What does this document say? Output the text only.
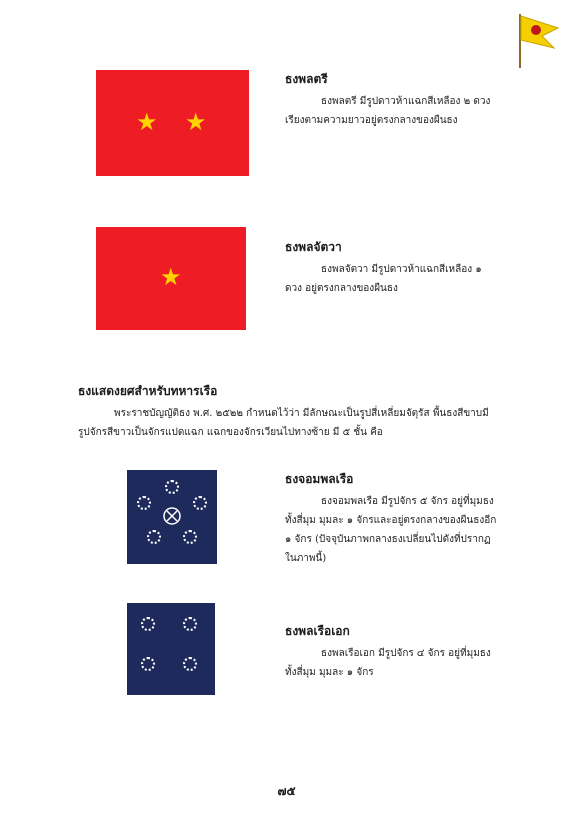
★ ★
ธงพลตรี
ธงพลตรี มีรูปดาวห้าแฉกสีเหลือง ๒ ดวง เรียงตามความยาวอยู่ตรงกลางของผืนธง
★
ธงพลจัตวา
ธงพลจัตวา มีรูปดาวห้าแฉกสีเหลือง ๑ ดวง อยู่ตรงกลางของผืนธง
ธงแสดงยศสำหรับทหารเรือ
พระราชบัญญัติธง พ.ศ. ๒๕๒๒ กำหนดไว้ว่า มีลักษณะเป็นรูปสี่เหลี่ยมจัตุรัส พื้นธงสีขาบมีรูปจักรสีขาวเป็นจักรแปดแฉก แฉกของจักรเวียนไปทางซ้าย มี ๕ ชั้น คือ
ธงจอมพลเรือ
ธงจอมพลเรือ มีรูปจักร ๕ จักร อยู่ที่มุมธงทั้งสี่มุม มุมละ ๑ จักรและอยู่ตรงกลางของผืนธงอีก ๑ จักร (ปัจจุบันภาพกลางธงเปลี่ยนไปดังที่ปรากฏในภาพนี้)
ธงพลเรือเอก
ธงพลเรือเอก มีรูปจักร ๔ จักร อยู่ที่มุมธงทั้งสี่มุม มุมละ ๑ จักร
๗๕
